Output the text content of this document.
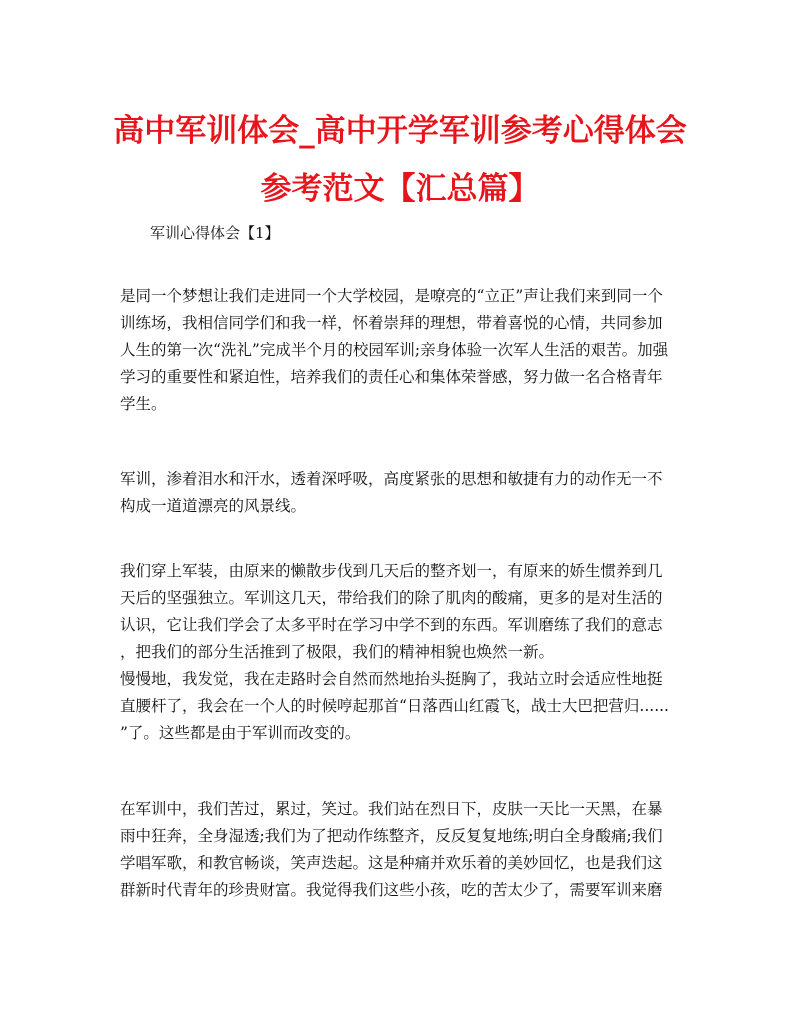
高中军训体会_高中开学军训参考心得体会
参考范文【汇总篇】
军训心得体会【1】
是同一个梦想让我们走进同一个大学校园，是嘹亮的“立正”声让我们来到同一个
训练场，我相信同学们和我一样，怀着崇拜的理想，带着喜悦的心情，共同参加
人生的第一次“洗礼”完成半个月的校园军训;亲身体验一次军人生活的艰苦。加强
学习的重要性和紧迫性，培养我们的责任心和集体荣誉感，努力做一名合格青年
学生。
军训，渗着泪水和汗水，透着深呼吸，高度紧张的思想和敏捷有力的动作无一不
构成一道道漂亮的风景线。
我们穿上军装，由原来的懒散步伐到几天后的整齐划一，有原来的娇生惯养到几
天后的坚强独立。军训这几天，带给我们的除了肌肉的酸痛，更多的是对生活的
认识，它让我们学会了太多平时在学习中学不到的东西。军训磨练了我们的意志
，把我们的部分生活推到了极限，我们的精神相貌也焕然一新。
慢慢地，我发觉，我在走路时会自然而然地抬头挺胸了，我站立时会适应性地挺
直腰杆了，我会在一个人的时候哼起那首“日落西山红霞飞，战士大巴把营归......
”了。这些都是由于军训而改变的。
在军训中，我们苦过，累过，笑过。我们站在烈日下，皮肤一天比一天黑，在暴
雨中狂奔，全身湿透;我们为了把动作练整齐，反反复复地练;明白全身酸痛;我们
学唱军歌，和教官畅谈，笑声迭起。这是种痛并欢乐着的美妙回忆，也是我们这
群新时代青年的珍贵财富。我觉得我们这些小孩，吃的苦太少了，需要军训来磨
